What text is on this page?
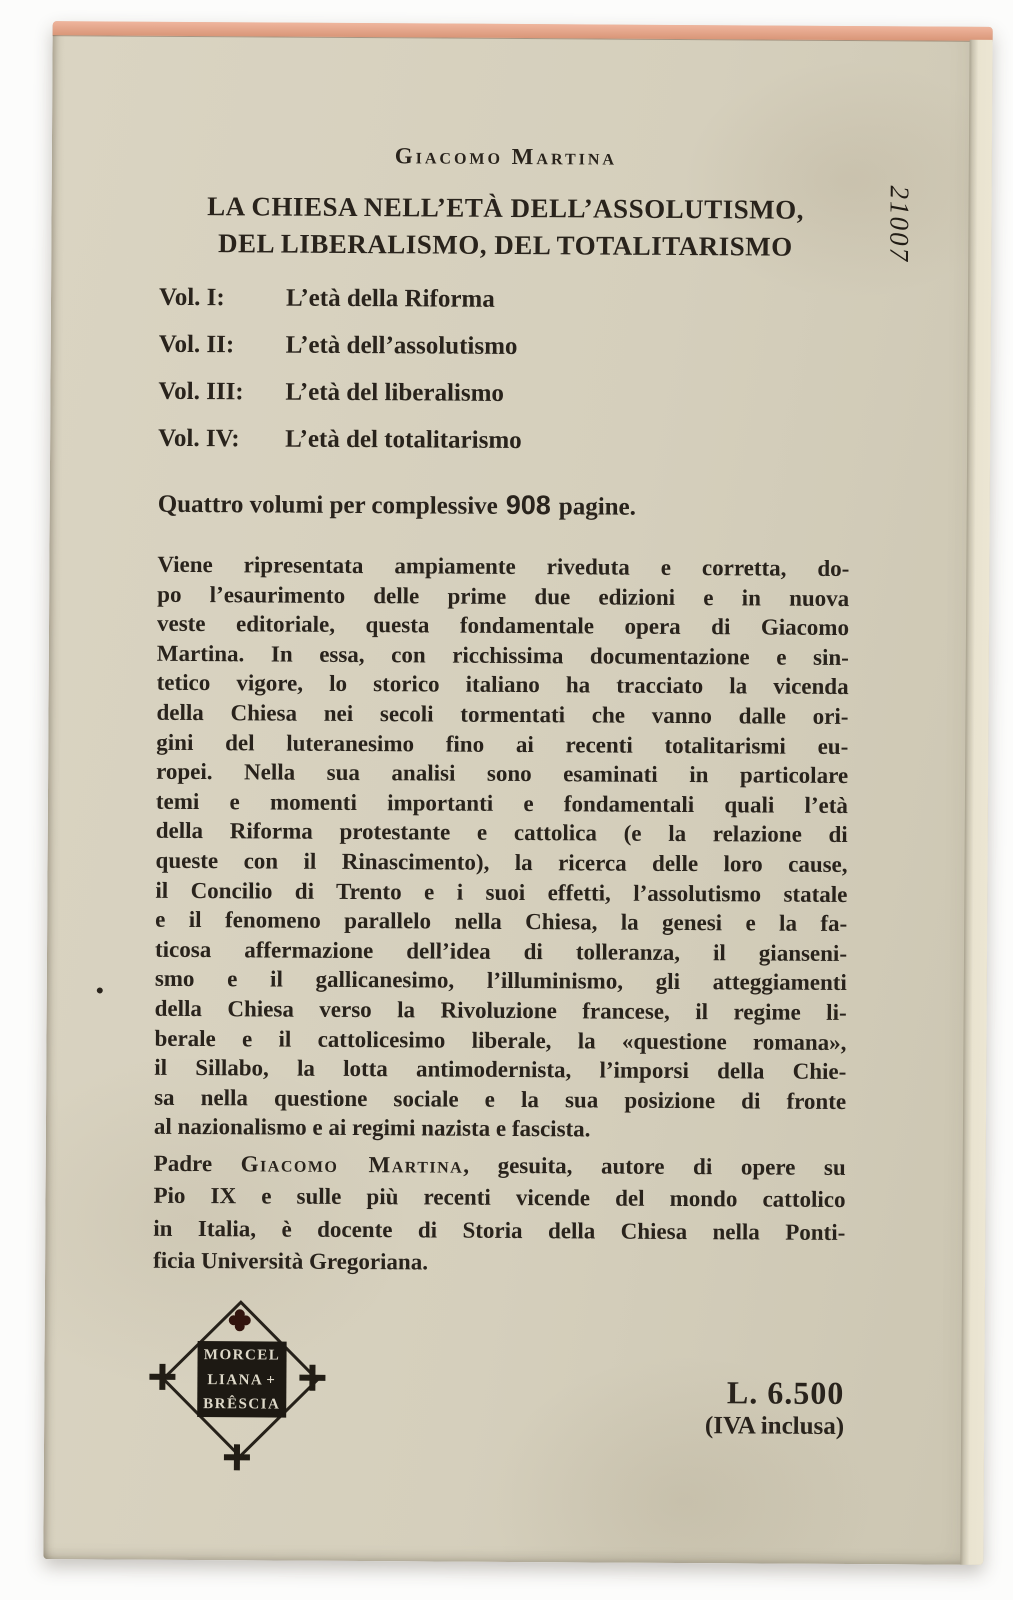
Giacomo Martina
LA CHIESA NELL’ETÀ DELL’ASSOLUTISMO,
DEL LIBERALISMO, DEL TOTALITARISMO	21007
Vol. I: L’età della Riforma
Vol. II: L’età dell’assolutismo
Vol. III: L’età del liberalismo
Vol. IV: L’età del totalitarismo
Quattro volumi per complessive 908 pagine.
Viene ripresentata ampiamente riveduta e corretta, do-
po l’esaurimento delle prime due edizioni e in nuova
veste editoriale, questa fondamentale opera di Giacomo
Martina. In essa, con ricchissima documentazione e sin-
tetico vigore, lo storico italiano ha tracciato la vicenda
della Chiesa nei secoli tormentati che vanno dalle ori-
gini del luteranesimo fino ai recenti totalitarismi eu-
ropei. Nella sua analisi sono esaminati in particolare
temi e momenti importanti e fondamentali quali l’età
della Riforma protestante e cattolica (e la relazione di
queste con il Rinascimento), la ricerca delle loro cause,
il Concilio di Trento e i suoi effetti, l’assolutismo statale
e il fenomeno parallelo nella Chiesa, la genesi e la fa-
ticosa affermazione dell’idea di tolleranza, il gianseni-
smo e il gallicanesimo, l’illuminismo, gli atteggiamenti
della Chiesa verso la Rivoluzione francese, il regime li-
berale e il cattolicesimo liberale, la «questione romana»,
il Sillabo, la lotta antimodernista, l’imporsi della Chie-
sa nella questione sociale e la sua posizione di fronte
al nazionalismo e ai regimi nazista e fascista.
Padre Giacomo Martina, gesuita, autore di opere su
Pio IX e sulle più recenti vicende del mondo cattolico
in Italia, è docente di Storia della Chiesa nella Ponti-
ficia Università Gregoriana.
MORCEL
LIANA +
BRÊSCIA	L. 6.500
(IVA inclusa)
